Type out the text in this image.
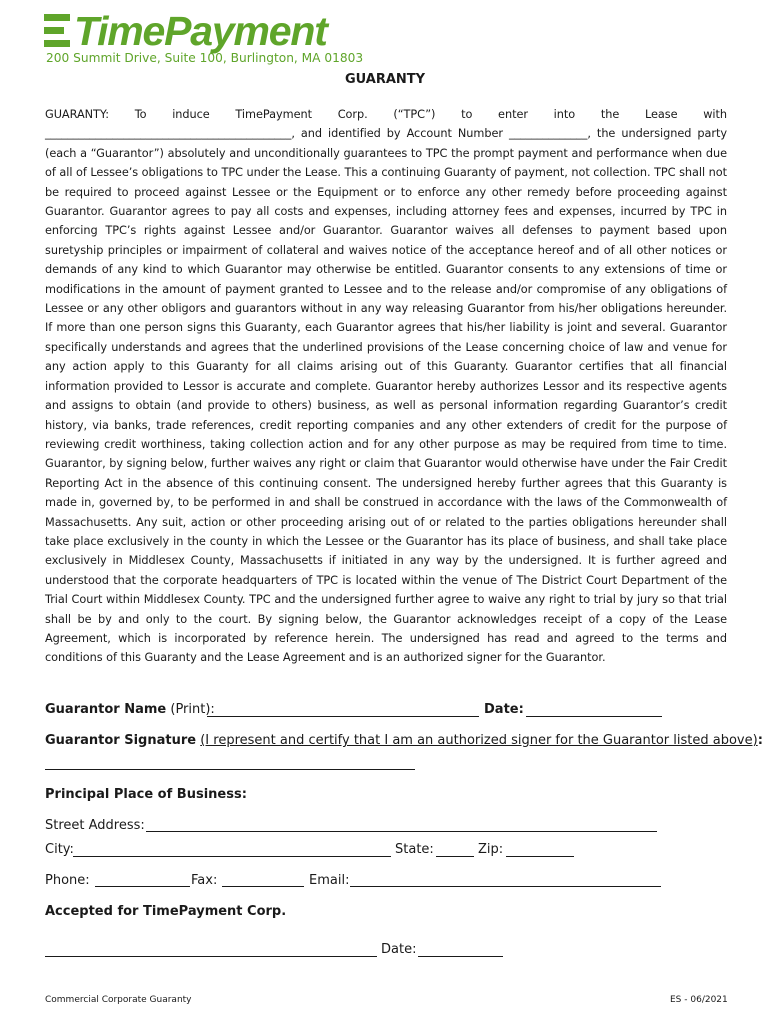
TimePayment
200 Summit Drive, Suite 100, Burlington, MA 01803
GUARANTY
GUARANTY: To induce TimePayment Corp. (“TPC”) to enter into the Lease with ____________________________________________, and identified by Account Number ______________, the undersigned party (each a “Guarantor”) absolutely and unconditionally guarantees to TPC the prompt payment and performance when due of all of Lessee’s obligations to TPC under the Lease. This a continuing Guaranty of payment, not collection. TPC shall not be required to proceed against Lessee or the Equipment or to enforce any other remedy before proceeding against Guarantor. Guarantor agrees to pay all costs and expenses, including attorney fees and expenses, incurred by TPC in enforcing TPC’s rights against Lessee and/or Guarantor. Guarantor waives all defenses to payment based upon suretyship principles or impairment of collateral and waives notice of the acceptance hereof and of all other notices or demands of any kind to which Guarantor may otherwise be entitled. Guarantor consents to any extensions of time or modifications in the amount of payment granted to Lessee and to the release and/or compromise of any obligations of Lessee or any other obligors and guarantors without in any way releasing Guarantor from his/her obligations hereunder. If more than one person signs this Guaranty, each Guarantor agrees that his/her liability is joint and several. Guarantor specifically understands and agrees that the underlined provisions of the Lease concerning choice of law and venue for any action apply to this Guaranty for all claims arising out of this Guaranty. Guarantor certifies that all financial information provided to Lessor is accurate and complete. Guarantor hereby authorizes Lessor and its respective agents and assigns to obtain (and provide to others) business, as well as personal information regarding Guarantor’s credit history, via banks, trade references, credit reporting companies and any other extenders of credit for the purpose of reviewing credit worthiness, taking collection action and for any other purpose as may be required from time to time. Guarantor, by signing below, further waives any right or claim that Guarantor would otherwise have under the Fair Credit Reporting Act in the absence of this continuing consent. The undersigned hereby further agrees that this Guaranty is made in, governed by, to be performed in and shall be construed in accordance with the laws of the Commonwealth of Massachusetts. Any suit, action or other proceeding arising out of or related to the parties obligations hereunder shall take place exclusively in the county in which the Lessee or the Guarantor has its place of business, and shall take place exclusively in Middlesex County, Massachusetts if initiated in any way by the undersigned. It is further agreed and understood that the corporate headquarters of TPC is located within the venue of The District Court Department of the Trial Court within Middlesex County. TPC and the undersigned further agree to waive any right to trial by jury so that trial shall be by and only to the court. By signing below, the Guarantor acknowledges receipt of a copy of the Lease Agreement, which is incorporated by reference herein. The undersigned has read and agreed to the terms and conditions of this Guaranty and the Lease Agreement and is an authorized signer for the Guarantor.
Guarantor Name (Print):	Date:
Guarantor Signature (I represent and certify that I am an authorized signer for the Guarantor listed above):
Principal Place of Business:
Street Address:
City:	State:	Zip:
Phone:	Fax:	Email:
Accepted for TimePayment Corp.
Date:
Commercial Corporate Guaranty	ES - 06/2021
